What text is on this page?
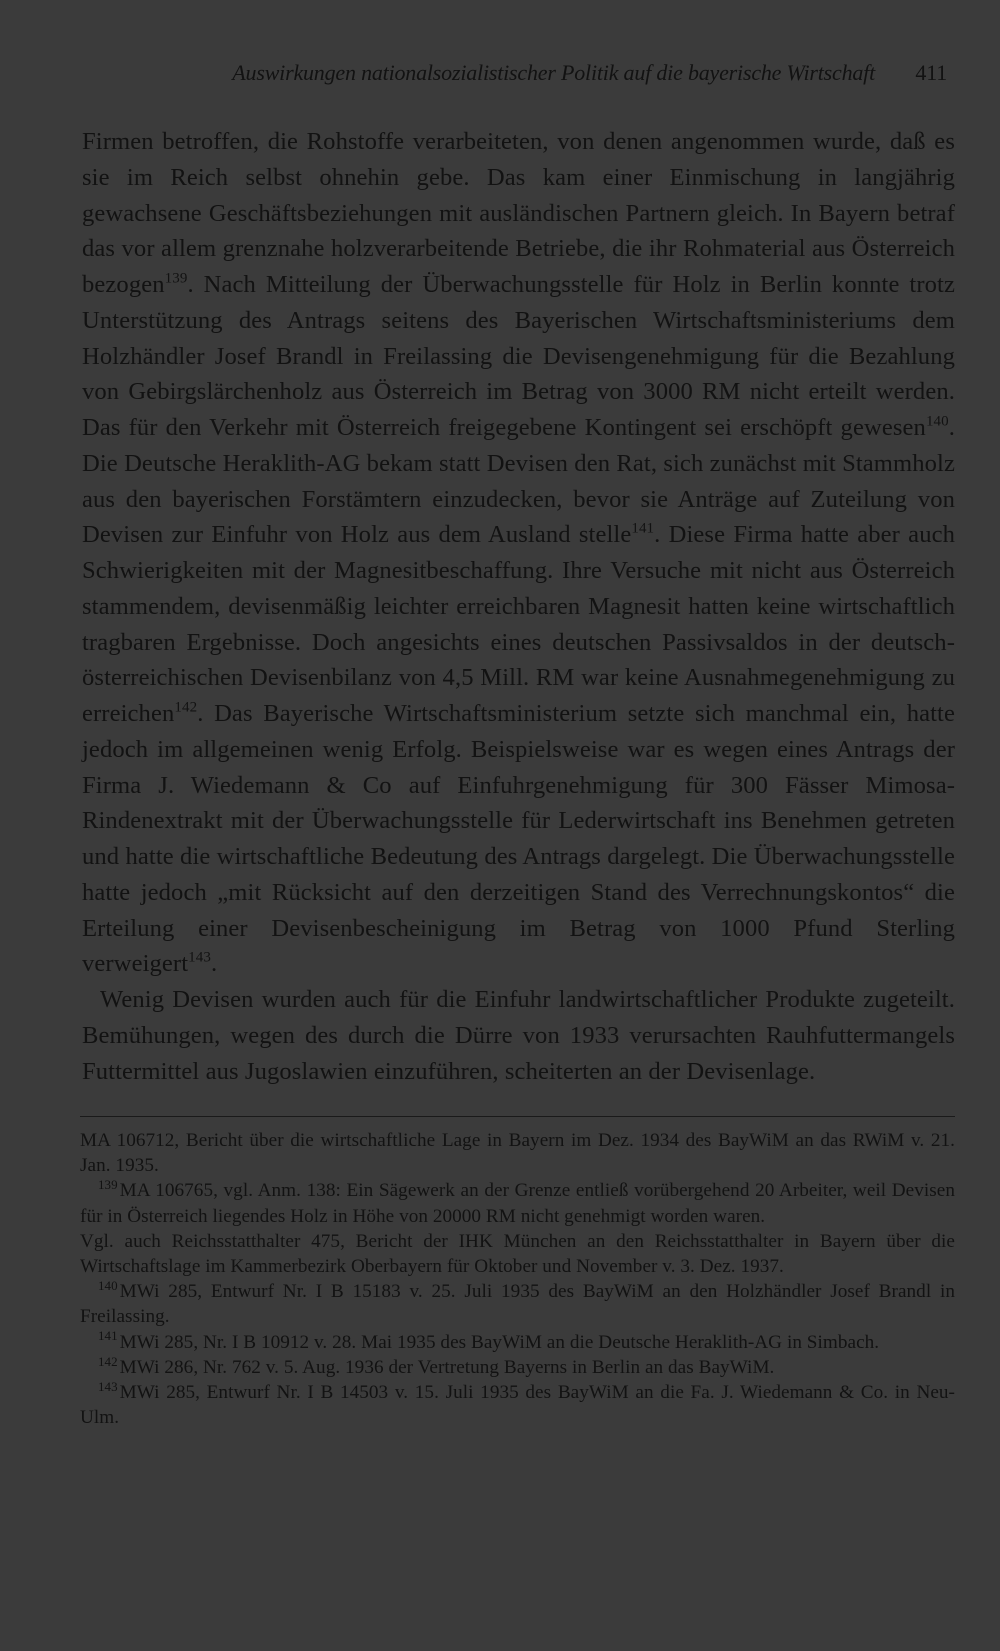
Auswirkungen nationalsozialistischer Politik auf die bayerische Wirtschaft 411

Firmen betroffen, die Rohstoffe verarbeiteten, von denen angenommen wurde, daß es sie im Reich selbst ohnehin gebe. Das kam einer Einmischung in langjährig gewachsene Geschäftsbeziehungen mit ausländischen Partnern gleich. In Bayern betraf das vor allem grenznahe holzverarbeitende Betriebe, die ihr Rohmaterial aus Österreich bezogen$^{139}$. Nach Mitteilung der Überwachungsstelle für Holz in Berlin konnte trotz Unterstützung des Antrags seitens des Bayerischen Wirtschaftsministeriums dem Holzhändler Josef Brandl in Freilassing die Devisengenehmigung für die Bezahlung von Gebirgslärchenholz aus Österreich im Betrag von 3000 RM nicht erteilt werden. Das für den Verkehr mit Österreich freigegebene Kontingent sei erschöpft gewesen$^{140}$. Die Deutsche Heraklith-AG bekam statt Devisen den Rat, sich zunächst mit Stammholz aus den bayerischen Forstämtern einzudecken, bevor sie Anträge auf Zuteilung von Devisen zur Einfuhr von Holz aus dem Ausland stelle$^{141}$. Diese Firma hatte aber auch Schwierigkeiten mit der Magnesitbeschaffung. Ihre Versuche mit nicht aus Österreich stammendem, devisenmäßig leichter erreichbaren Magnesit hatten keine wirtschaftlich tragbaren Ergebnisse. Doch angesichts eines deutschen Passivsaldos in der deutsch-österreichischen Devisenbilanz von 4,5 Mill. RM war keine Ausnahmegenehmigung zu erreichen$^{142}$. Das Bayerische Wirtschaftsministerium setzte sich manchmal ein, hatte jedoch im allgemeinen wenig Erfolg. Beispielsweise war es wegen eines Antrags der Firma J. Wiedemann & Co auf Einfuhrgenehmigung für 300 Fässer Mimosa-Rindenextrakt mit der Überwachungsstelle für Lederwirtschaft ins Benehmen getreten und hatte die wirtschaftliche Bedeutung des Antrags dargelegt. Die Überwachungsstelle hatte jedoch „mit Rücksicht auf den derzeitigen Stand des Verrechnungskontos“ die Erteilung einer Devisenbescheinigung im Betrag von 1000 Pfund Sterling verweigert$^{143}$.

Wenig Devisen wurden auch für die Einfuhr landwirtschaftlicher Produkte zugeteilt. Bemühungen, wegen des durch die Dürre von 1933 verursachten Rauhfuttermangels Futtermittel aus Jugoslawien einzuführen, scheiterten an der Devisenlage.

MA 106712, Bericht über die wirtschaftliche Lage in Bayern im Dez. 1934 des BayWiM an das RWiM v. 21. Jan. 1935.

$^{139}$ MA 106765, vgl. Anm. 138: Ein Sägewerk an der Grenze entließ vorübergehend 20 Arbeiter, weil Devisen für in Österreich liegendes Holz in Höhe von 20000 RM nicht genehmigt worden waren.

Vgl. auch Reichsstatthalter 475, Bericht der IHK München an den Reichsstatthalter in Bayern über die Wirtschaftslage im Kammerbezirk Oberbayern für Oktober und November v. 3. Dez. 1937.

$^{140}$ MWi 285, Entwurf Nr. I B 15183 v. 25. Juli 1935 des BayWiM an den Holzhändler Josef Brandl in Freilassing.

$^{141}$ MWi 285, Nr. I B 10912 v. 28. Mai 1935 des BayWiM an die Deutsche Heraklith-AG in Simbach.

$^{142}$ MWi 286, Nr. 762 v. 5. Aug. 1936 der Vertretung Bayerns in Berlin an das BayWiM.

$^{143}$ MWi 285, Entwurf Nr. I B 14503 v. 15. Juli 1935 des BayWiM an die Fa. J. Wiedemann & Co. in Neu-Ulm.
